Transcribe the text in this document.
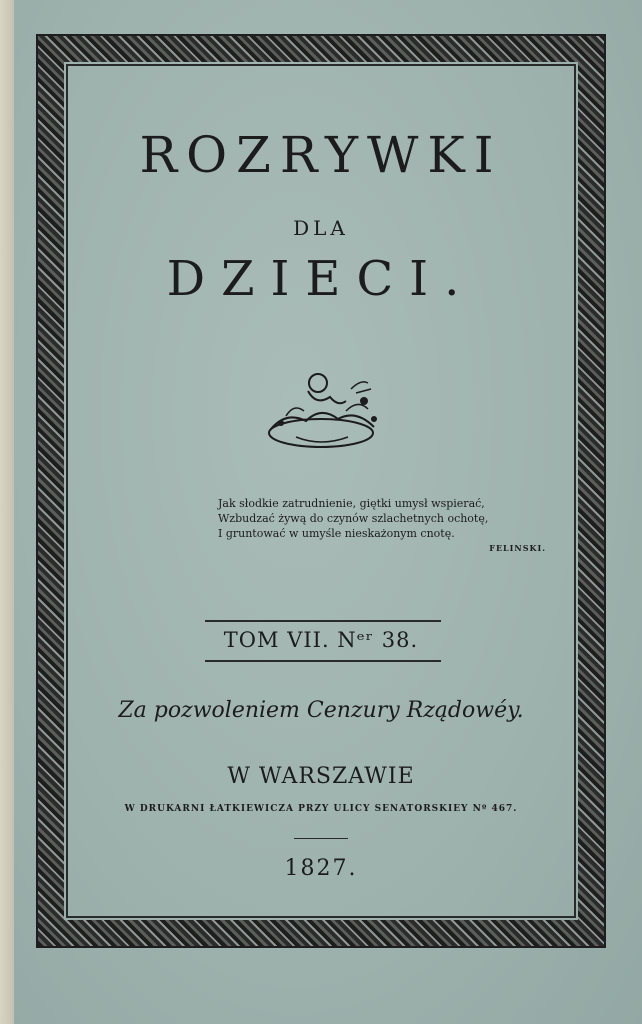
ROZRYWKI
DLA
DZIECI.
Jak słodkie zatrudnienie, giętki umysł wspierać,
Wzbudzać żywą do czynów szlachetnych ochotę,
I gruntować w umyśle nieskażonym cnotę.
FELINSKI.
TOM VII. Nᵉʳ 38.
Za pozwoleniem Cenzury Rządowéy.
W WARSZAWIE
W DRUKARNI ŁATKIEWICZA PRZY ULICY SENATORSKIEY Nº 467.
1827.
